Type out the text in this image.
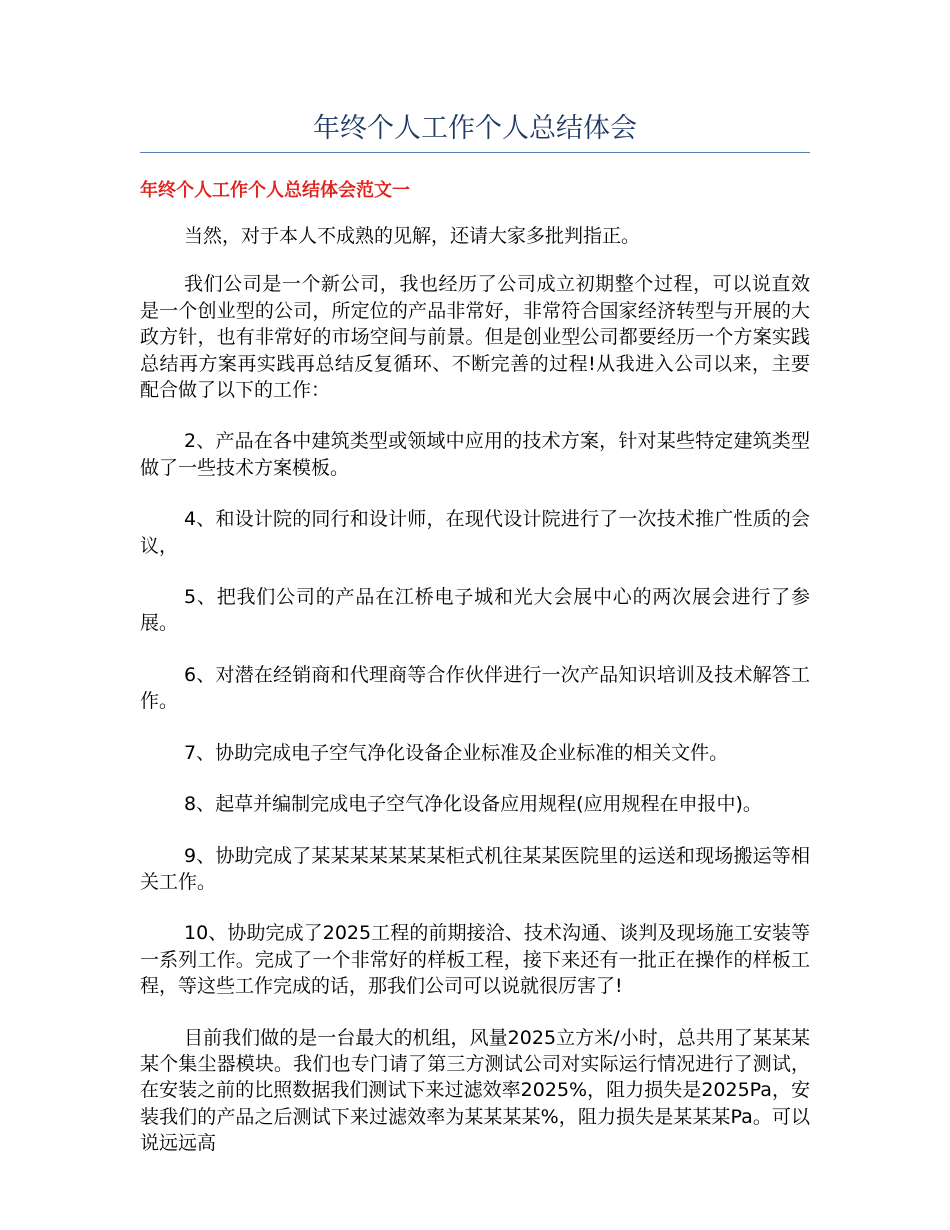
年终个人工作个人总结体会
年终个人工作个人总结体会范文一

当然，对于本人不成熟的见解，还请大家多批判指正。

我们公司是一个新公司，我也经历了公司成立初期整个过程，可以说直效是一个创业型的公司，所定位的产品非常好，非常符合国家经济转型与开展的大政方针，也有非常好的市场空间与前景。但是创业型公司都要经历一个方案实践总结再方案再实践再总结反复循环、不断完善的过程!从我进入公司以来，主要配合做了以下的工作：

2、产品在各中建筑类型或领域中应用的技术方案，针对某些特定建筑类型做了一些技术方案模板。

4、和设计院的同行和设计师，在现代设计院进行了一次技术推广性质的会议，

5、把我们公司的产品在江桥电子城和光大会展中心的两次展会进行了参展。

6、对潜在经销商和代理商等合作伙伴进行一次产品知识培训及技术解答工作。

7、协助完成电子空气净化设备企业标准及企业标准的相关文件。

8、起草并编制完成电子空气净化设备应用规程(应用规程在申报中)。

9、协助完成了某某某某某某某柜式机往某某医院里的运送和现场搬运等相关工作。

10、协助完成了2025工程的前期接洽、技术沟通、谈判及现场施工安装等一系列工作。完成了一个非常好的样板工程，接下来还有一批正在操作的样板工程，等这些工作完成的话，那我们公司可以说就很厉害了!

目前我们做的是一台最大的机组，风量2025立方米/小时，总共用了某某某某个集尘器模块。我们也专门请了第三方测试公司对实际运行情况进行了测试，在安装之前的比照数据我们测试下来过滤效率2025%，阻力损失是2025Pa，安装我们的产品之后测试下来过滤效率为某某某某%，阻力损失是某某某Pa。可以说远远高
